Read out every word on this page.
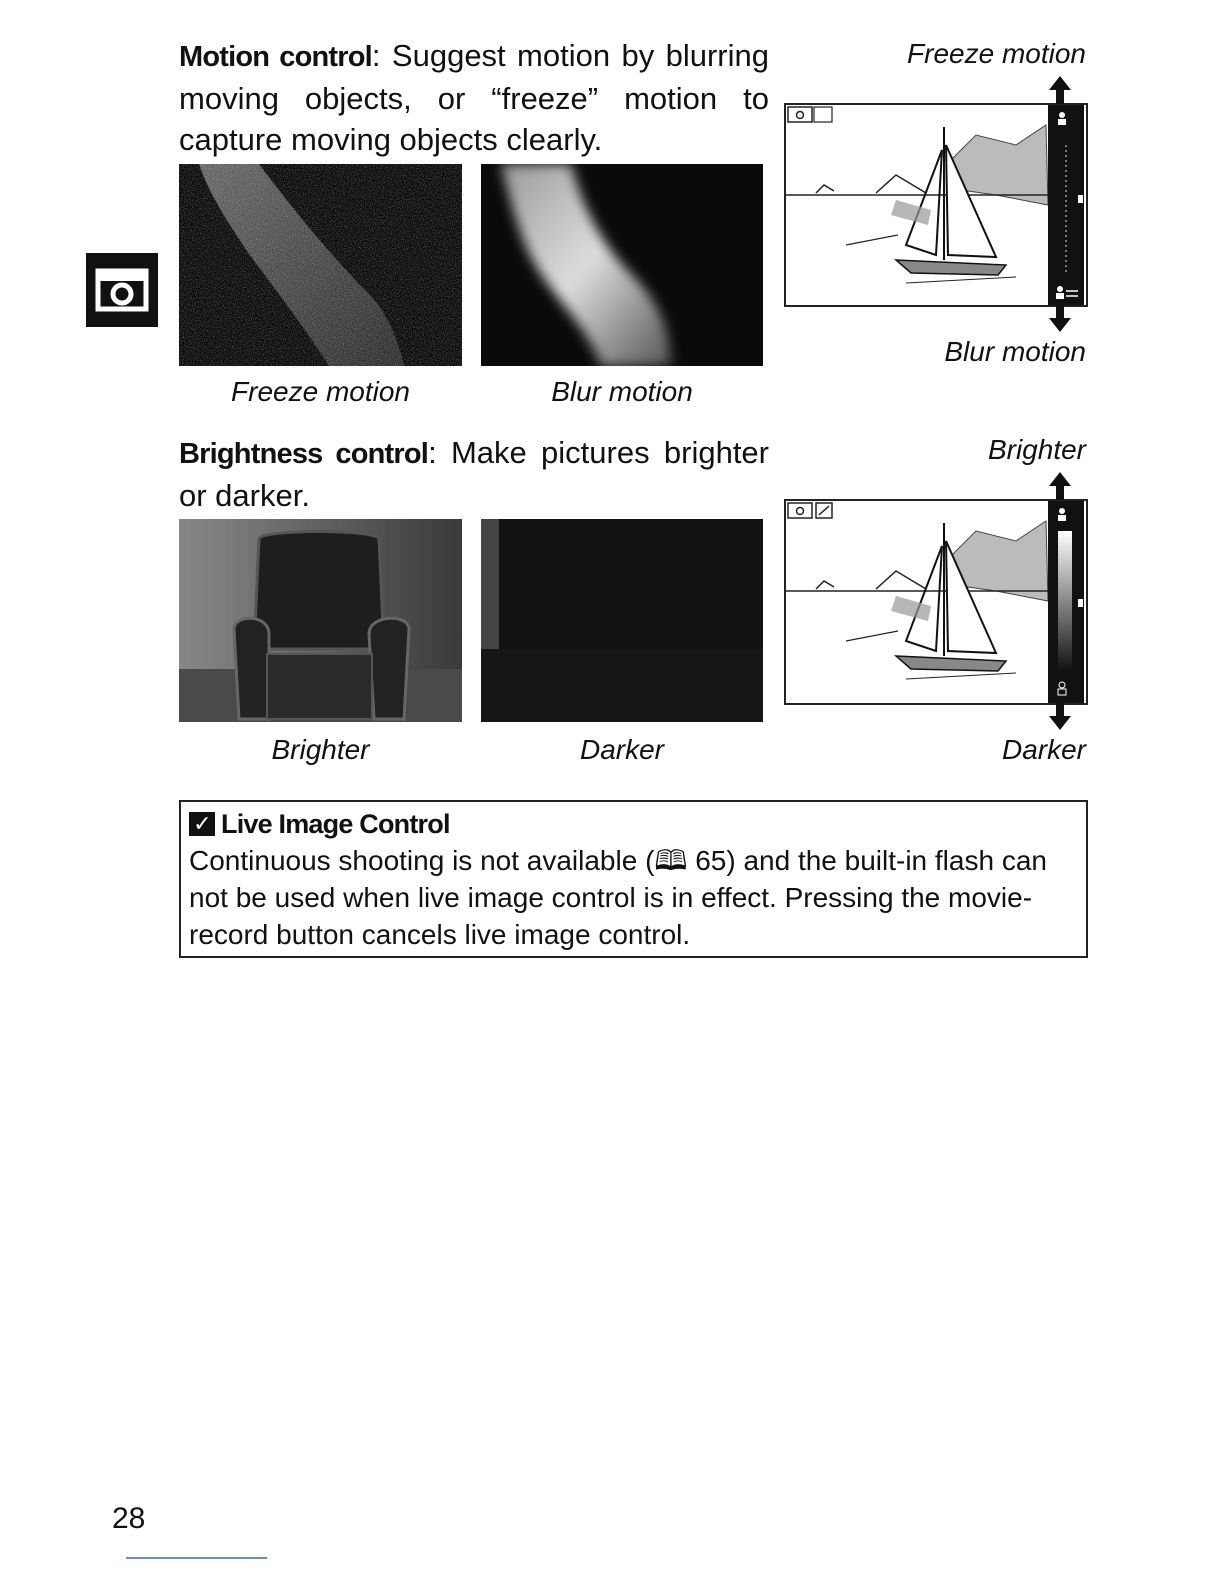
Motion control: Suggest motion by blurring moving objects, or “freeze” motion to capture moving objects clearly.

Freeze motion	Blur motion
Freeze motion
Blur motion

Brightness control: Make pictures brighter or darker.

Brighter	Darker
Brighter
Darker
✓ Live Image Control
Continuous shooting is not available (🕮 65) and the built-in flash can not be used when live image control is in effect. Pressing the movie-record button cancels live image control.
28
